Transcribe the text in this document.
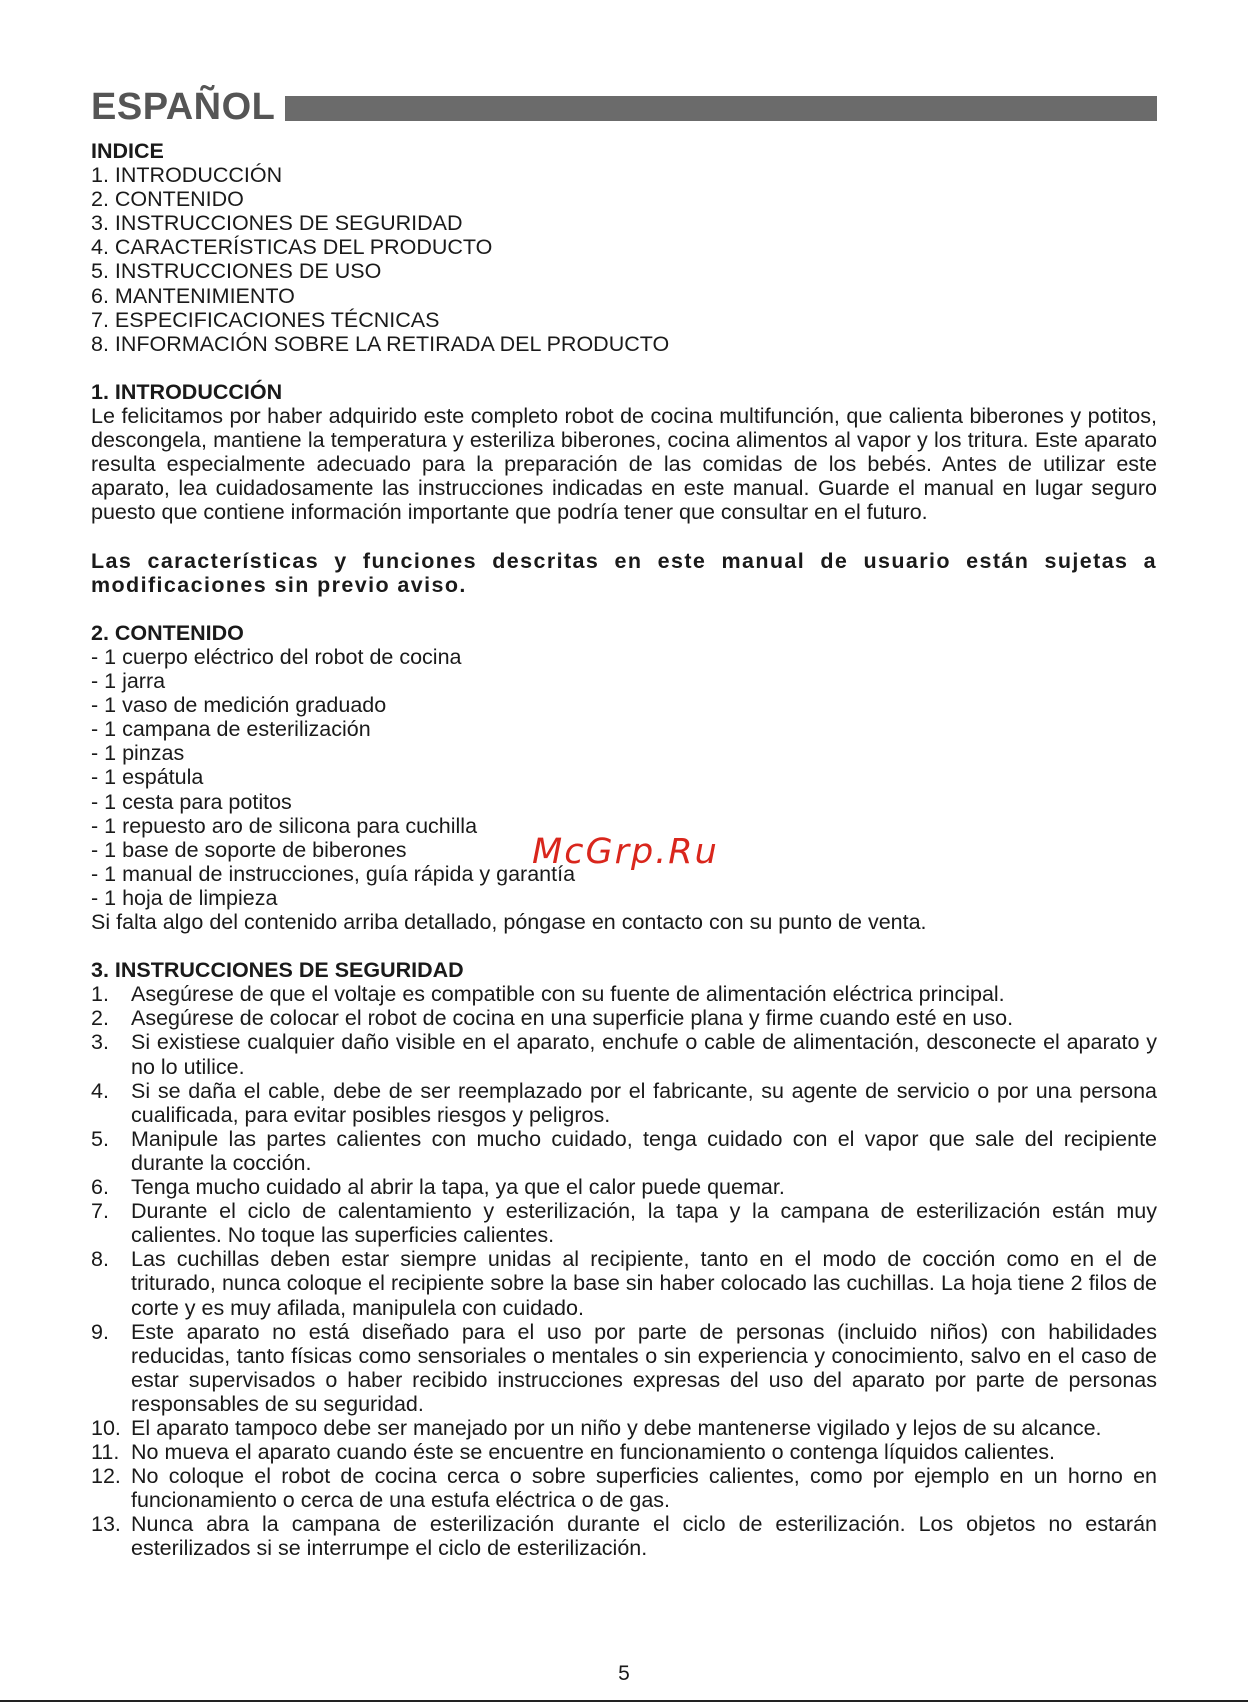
ESPAÑOL
INDICE
1. INTRODUCCIÓN
2. CONTENIDO
3. INSTRUCCIONES DE SEGURIDAD
4. CARACTERÍSTICAS DEL PRODUCTO
5. INSTRUCCIONES DE USO
6. MANTENIMIENTO
7. ESPECIFICACIONES TÉCNICAS
8. INFORMACIÓN SOBRE LA RETIRADA DEL PRODUCTO
1. INTRODUCCIÓN
Le felicitamos por haber adquirido este completo robot de cocina multifunción, que calienta biberones y potitos, descongela, mantiene la temperatura y esteriliza biberones, cocina alimentos al vapor y los tritura. Este aparato resulta especialmente adecuado para la preparación de las comidas de los bebés. Antes de utilizar este aparato, lea cuidadosamente las instrucciones indicadas en este manual. Guarde el manual en lugar seguro puesto que contiene información importante que podría tener que consultar en el futuro.
Las características y funciones descritas en este manual de usuario están sujetas a modificaciones sin previo aviso.
2. CONTENIDO
- 1 cuerpo eléctrico del robot de cocina
- 1 jarra
- 1 vaso de medición graduado
- 1 campana de esterilización
- 1 pinzas
- 1 espátula
- 1 cesta para potitos
- 1 repuesto aro de silicona para cuchilla
- 1 base de soporte de biberones
- 1 manual de instrucciones, guía rápida y garantía
- 1 hoja de limpieza
Si falta algo del contenido arriba detallado, póngase en contacto con su punto de venta.
3. INSTRUCCIONES DE SEGURIDAD
1.	Asegúrese de que el voltaje es compatible con su fuente de alimentación eléctrica principal.
2.	Asegúrese de colocar el robot de cocina en una superficie plana y firme cuando esté en uso.
3.	Si existiese cualquier daño visible en el aparato, enchufe o cable de alimentación, desconecte el aparato y no lo utilice.
4.	Si se daña el cable, debe de ser reemplazado por el fabricante, su agente de servicio o por una persona cualificada, para evitar posibles riesgos y peligros.
5.	Manipule las partes calientes con mucho cuidado, tenga cuidado con el vapor que sale del recipiente durante la cocción.
6.	Tenga mucho cuidado al abrir la tapa, ya que el calor puede quemar.
7.	Durante el ciclo de calentamiento y esterilización, la tapa y la campana de esterilización están muy calientes. No toque las superficies calientes.
8.	Las cuchillas deben estar siempre unidas al recipiente, tanto en el modo de cocción como en el de triturado, nunca coloque el recipiente sobre la base sin haber colocado las cuchillas. La hoja tiene 2 filos de corte y es muy afilada, manipulela con cuidado.
9.	Este aparato no está diseñado para el uso por parte de personas (incluido niños) con habilidades reducidas, tanto físicas como sensoriales o mentales o sin experiencia y conocimiento, salvo en el caso de estar supervisados o haber recibido instrucciones expresas del uso del aparato por parte de personas responsables de su seguridad.
10. El aparato tampoco debe ser manejado por un niño y debe mantenerse vigilado y lejos de su alcance.
11. No mueva el aparato cuando éste se encuentre en funcionamiento o contenga líquidos calientes.
12. No coloque el robot de cocina cerca o sobre superficies calientes, como por ejemplo en un horno en funcionamiento o cerca de una estufa eléctrica o de gas.
13. Nunca abra la campana de esterilización durante el ciclo de esterilización. Los objetos no estarán esterilizados si se interrumpe el ciclo de esterilización.
McGrp.Ru
5
